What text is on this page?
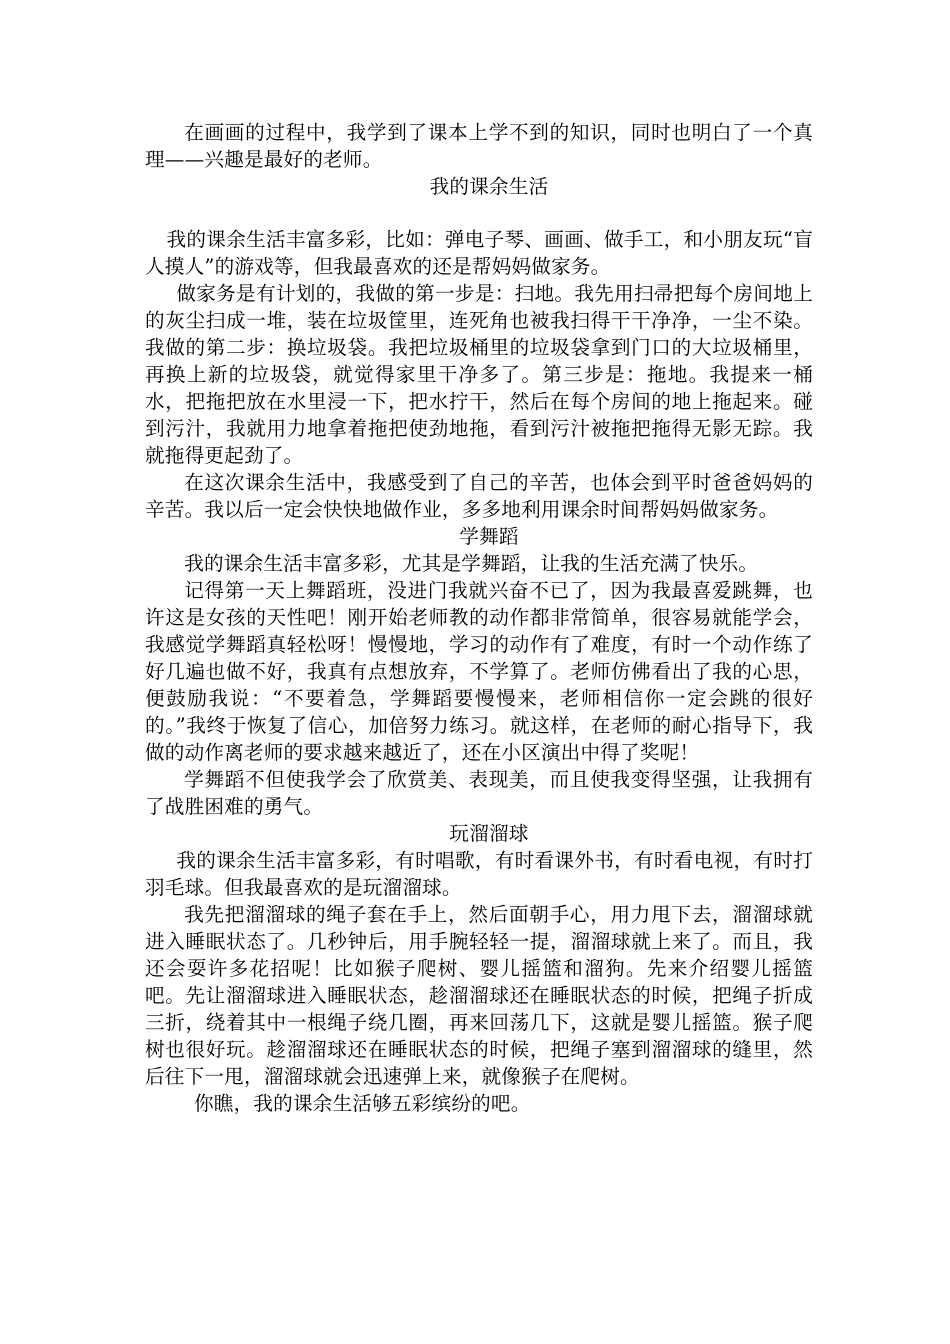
在画画的过程中，我学到了课本上学不到的知识，同时也明白了一个真理——兴趣是最好的老师。

我的课余生活

我的课余生活丰富多彩，比如：弹电子琴、画画、做手工，和小朋友玩“盲人摸人”的游戏等，但我最喜欢的还是帮妈妈做家务。

做家务是有计划的，我做的第一步是：扫地。我先用扫帚把每个房间地上的灰尘扫成一堆，装在垃圾筐里，连死角也被我扫得干干净净，一尘不染。我做的第二步：换垃圾袋。我把垃圾桶里的垃圾袋拿到门口的大垃圾桶里，再换上新的垃圾袋，就觉得家里干净多了。第三步是：拖地。我提来一桶水，把拖把放在水里浸一下，把水拧干，然后在每个房间的地上拖起来。碰到污汁，我就用力地拿着拖把使劲地拖，看到污汁被拖把拖得无影无踪。我就拖得更起劲了。

在这次课余生活中，我感受到了自己的辛苦，也体会到平时爸爸妈妈的辛苦。我以后一定会快快地做作业，多多地利用课余时间帮妈妈做家务。

学舞蹈

我的课余生活丰富多彩，尤其是学舞蹈，让我的生活充满了快乐。

记得第一天上舞蹈班，没进门我就兴奋不已了，因为我最喜爱跳舞，也许这是女孩的天性吧！刚开始老师教的动作都非常简单，很容易就能学会，我感觉学舞蹈真轻松呀！慢慢地，学习的动作有了难度，有时一个动作练了好几遍也做不好，我真有点想放弃，不学算了。老师仿佛看出了我的心思，便鼓励我说：“不要着急，学舞蹈要慢慢来，老师相信你一定会跳的很好的。”我终于恢复了信心，加倍努力练习。就这样，在老师的耐心指导下，我做的动作离老师的要求越来越近了，还在小区演出中得了奖呢！

学舞蹈不但使我学会了欣赏美、表现美，而且使我变得坚强，让我拥有了战胜困难的勇气。

玩溜溜球

我的课余生活丰富多彩，有时唱歌，有时看课外书，有时看电视，有时打羽毛球。但我最喜欢的是玩溜溜球。

我先把溜溜球的绳子套在手上，然后面朝手心，用力甩下去，溜溜球就进入睡眠状态了。几秒钟后，用手腕轻轻一提，溜溜球就上来了。而且，我还会耍许多花招呢！比如猴子爬树、婴儿摇篮和溜狗。先来介绍婴儿摇篮吧。先让溜溜球进入睡眠状态，趁溜溜球还在睡眠状态的时候，把绳子折成三折，绕着其中一根绳子绕几圈，再来回荡几下，这就是婴儿摇篮。猴子爬树也很好玩。趁溜溜球还在睡眠状态的时候，把绳子塞到溜溜球的缝里，然后往下一甩，溜溜球就会迅速弹上来，就像猴子在爬树。

你瞧，我的课余生活够五彩缤纷的吧。
